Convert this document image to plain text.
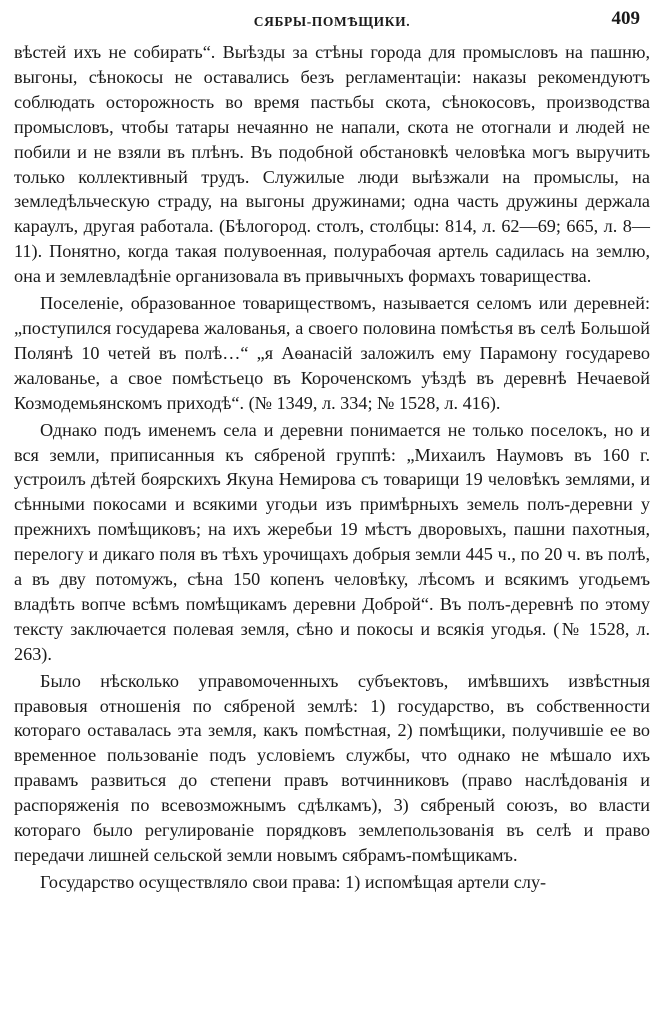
СЯБРЫ-ПОМѢЩИКИ.	409

вѣстей ихъ не собирать“. Выѣзды за стѣны города для промысловъ на пашню, выгоны, сѣнокосы не оставались безъ регламентаціи: наказы рекомендуютъ соблюдать осторожность во время пастьбы скота, сѣнокосовъ, производства промысловъ, чтобы татары нечаянно не напали, скота не отогнали и людей не побили и не взяли въ плѣнъ. Въ подобной обстановкѣ человѣка могъ выручить только коллективный трудъ. Служилые люди выѣзжали на промыслы, на земледѣльческую страду, на выгоны дружинами; одна часть дружины держала караулъ, другая работала. (Бѣлогород. столъ, столбцы: 814, л. 62—69; 665, л. 8—11). Понятно, когда такая полувоенная, полурабочая артель садилась на землю, она и землевладѣніе организовала въ привычныхъ формахъ товарищества.

Поселеніе, образованное товариществомъ, называется селомъ или деревней: „поступился государева жалованья, а своего половина помѣстья въ селѣ Большой Полянѣ 10 четей въ полѣ…“ „я Аѳанасій заложилъ ему Парамону государево жалованье, а свое помѣстьецо въ Короченскомъ уѣздѣ въ деревнѣ Нечаевой Козмодемьянскомъ приходѣ“. (№ 1349, л. 334; № 1528, л. 416).

Однако подъ именемъ села и деревни понимается не только поселокъ, но и вся земли, приписанныя къ сябреной группѣ: „Михаилъ Наумовъ въ 160 г. устроилъ дѣтей боярскихъ Якуна Немирова съ товарищи 19 человѣкъ землями, и сѣнными покосами и всякими угодьи изъ примѣрныхъ земель полъ-деревни у прежнихъ помѣщиковъ; на ихъ жеребьи 19 мѣстъ дворовыхъ, пашни пахотныя, перелогу и дикаго поля въ тѣхъ урочищахъ добрыя земли 445 ч., по 20 ч. въ полѣ, а въ дву потомужъ, сѣна 150 копенъ человѣку, лѣсомъ и всякимъ угодьемъ владѣть вопче всѣмъ помѣщикамъ деревни Доброй“. Въ полъ-деревнѣ по этому тексту заключается полевая земля, сѣно и покосы и всякія угодья. (№ 1528, л. 263).

Было нѣсколько управомоченныхъ субъектовъ, имѣвшихъ извѣстныя правовыя отношенія по сябреной землѣ: 1) государство, въ собственности котораго оставалась эта земля, какъ помѣстная, 2) помѣщики, получившіе ее во временное пользованіе подъ условіемъ службы, что однако не мѣшало ихъ правамъ развиться до степени правъ вотчинниковъ (право наслѣдованія и распоряженія по всевозможнымъ сдѣлкамъ), 3) сябреный союзъ, во власти котораго было регулированіе порядковъ землепользованія въ селѣ и право передачи лишней сельской земли новымъ сябрамъ-помѣщикамъ.

Государство осуществляло свои права: 1) испомѣщая артели слу-
